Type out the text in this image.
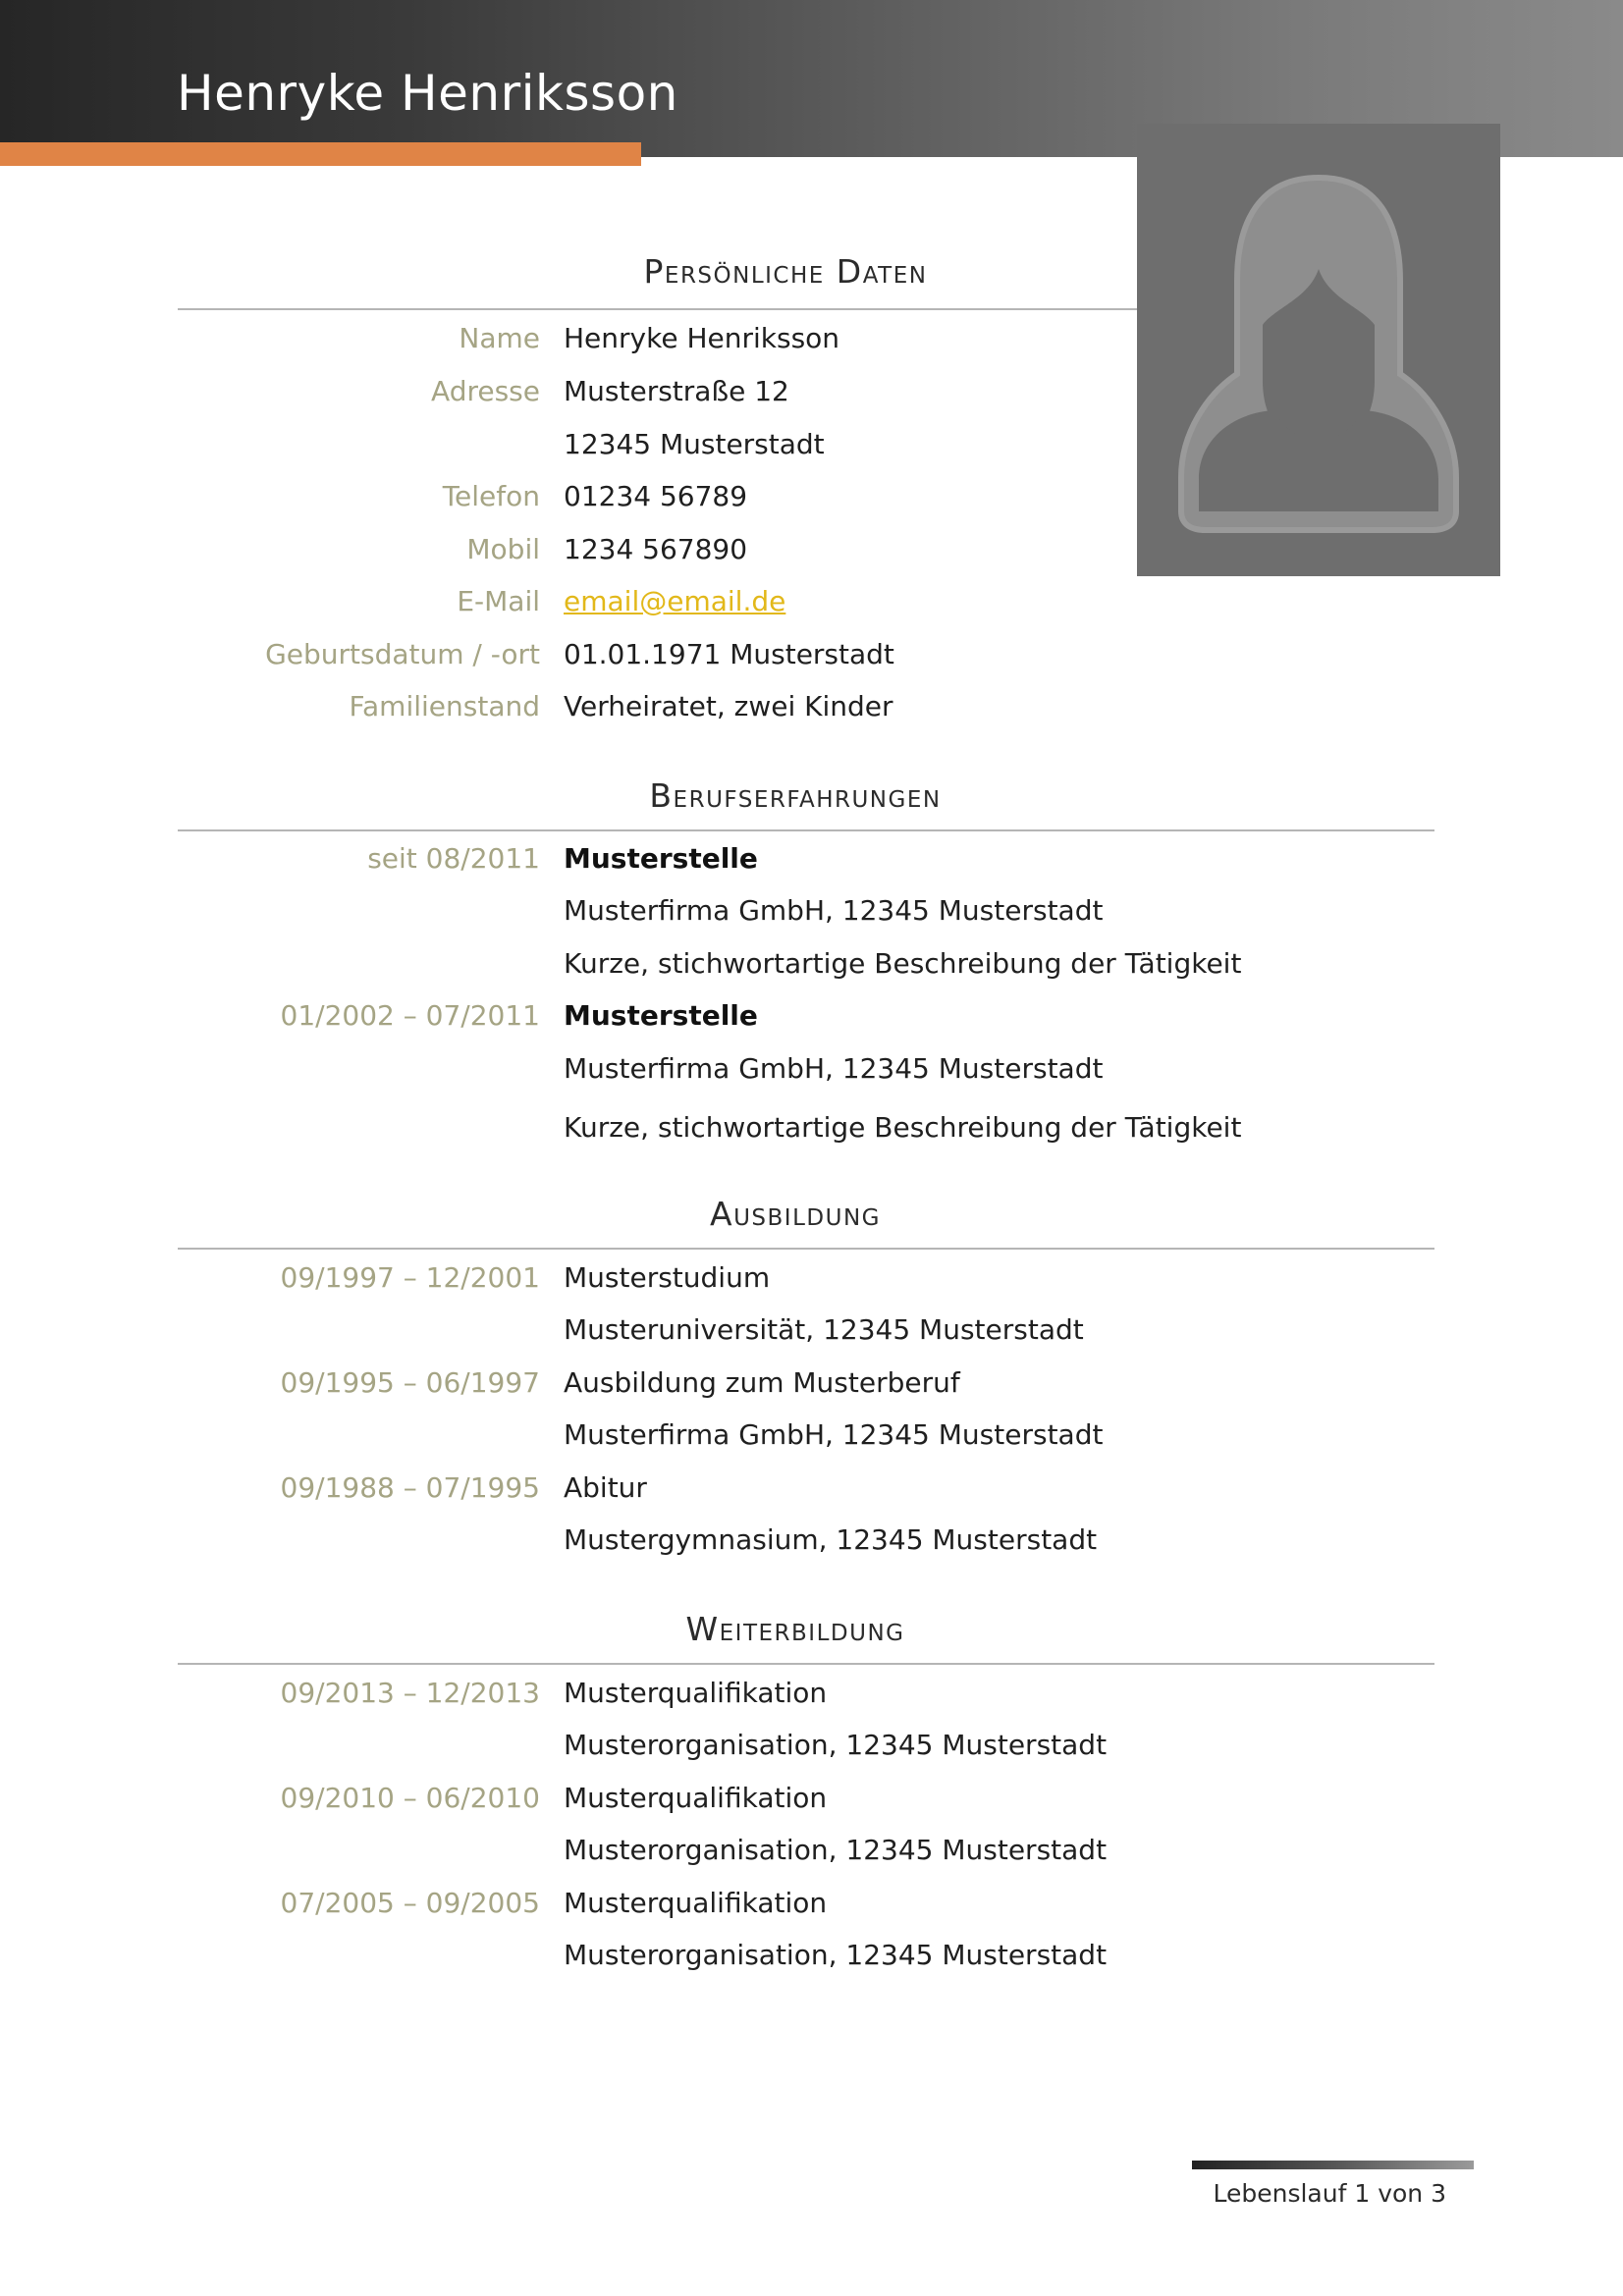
Henryke Henriksson
Persönliche Daten
Name Henryke Henriksson
Adresse Musterstraße 12
12345 Musterstadt
Telefon 01234 56789
Mobil 1234 567890
E-Mail email@email.de
Geburtsdatum / -ort 01.01.1971 Musterstadt
Familienstand Verheiratet, zwei Kinder
Berufserfahrungen
seit 08/2011 Musterstelle
Musterfirma GmbH, 12345 Musterstadt
Kurze, stichwortartige Beschreibung der Tätigkeit
01/2002 – 07/2011 Musterstelle
Musterfirma GmbH, 12345 Musterstadt
Kurze, stichwortartige Beschreibung der Tätigkeit
Ausbildung
09/1997 – 12/2001 Musterstudium
Musteruniversität, 12345 Musterstadt
09/1995 – 06/1997 Ausbildung zum Musterberuf
Musterfirma GmbH, 12345 Musterstadt
09/1988 – 07/1995 Abitur
Mustergymnasium, 12345 Musterstadt
Weiterbildung
09/2013 – 12/2013 Musterqualifikation
Musterorganisation, 12345 Musterstadt
09/2010 – 06/2010 Musterqualifikation
Musterorganisation, 12345 Musterstadt
07/2005 – 09/2005 Musterqualifikation
Musterorganisation, 12345 Musterstadt
Lebenslauf 1 von 3
